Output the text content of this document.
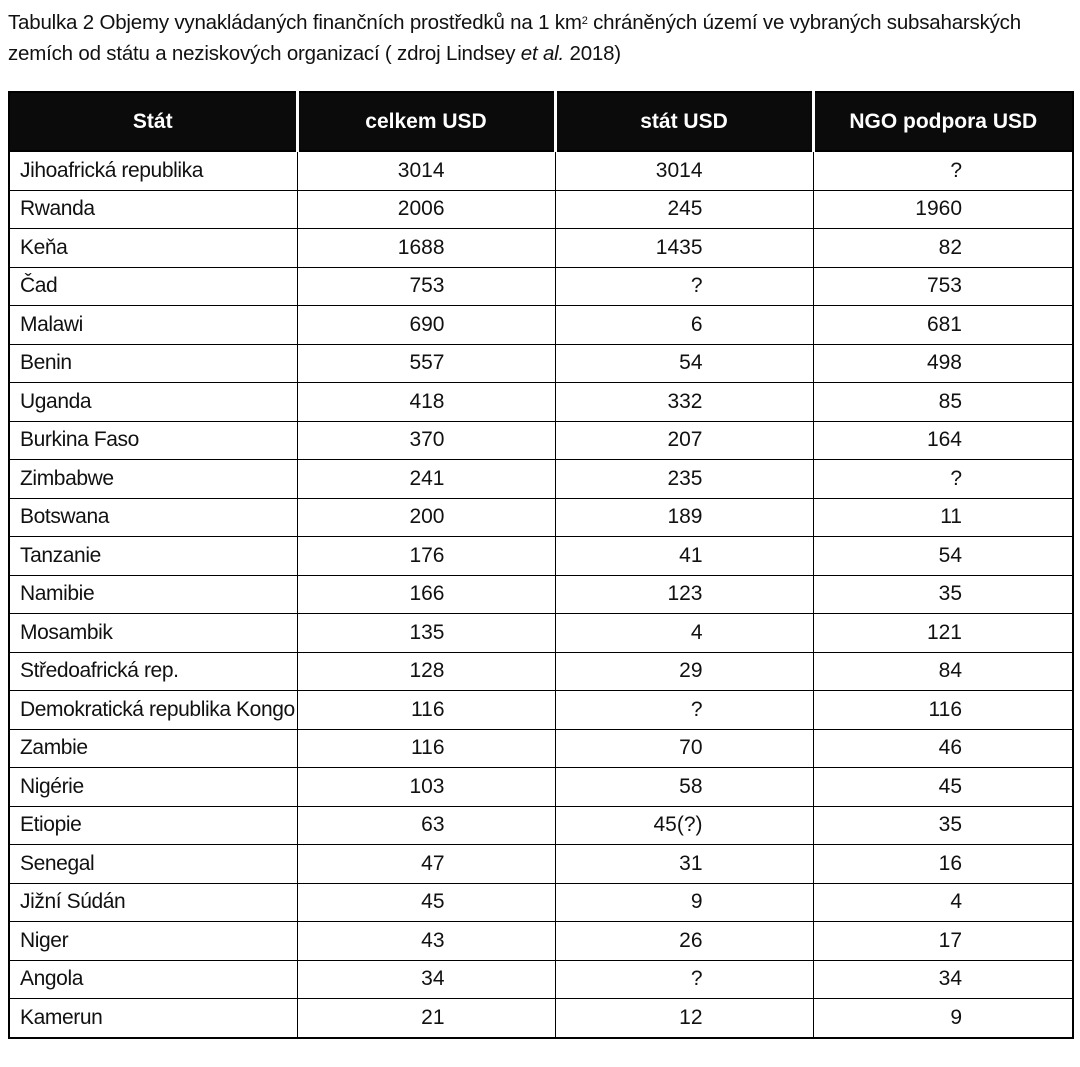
Tabulka 2 Objemy vynakládaných finančních prostředků na 1 $km^2$ chráněných území ve vybraných subsaharských zemích od státu a neziskových organizací ( zdroj Lindsey et al. 2018)
Stát	celkem USD	stát USD	NGO podpora USD
Jihoafrická republika	3014	3014	?
Rwanda	2006	245	1960
Keňa	1688	1435	82
Čad	753	?	753
Malawi	690	6	681
Benin	557	54	498
Uganda	418	332	85
Burkina Faso	370	207	164
Zimbabwe	241	235	?
Botswana	200	189	11
Tanzanie	176	41	54
Namibie	166	123	35
Mosambik	135	4	121
Středoafrická rep.	128	29	84
Demokratická republika Kongo	116	?	116
Zambie	116	70	46
Nigérie	103	58	45
Etiopie	63	45(?)	35
Senegal	47	31	16
Jižní Súdán	45	9	4
Niger	43	26	17
Angola	34	?	34
Kamerun	21	12	9
